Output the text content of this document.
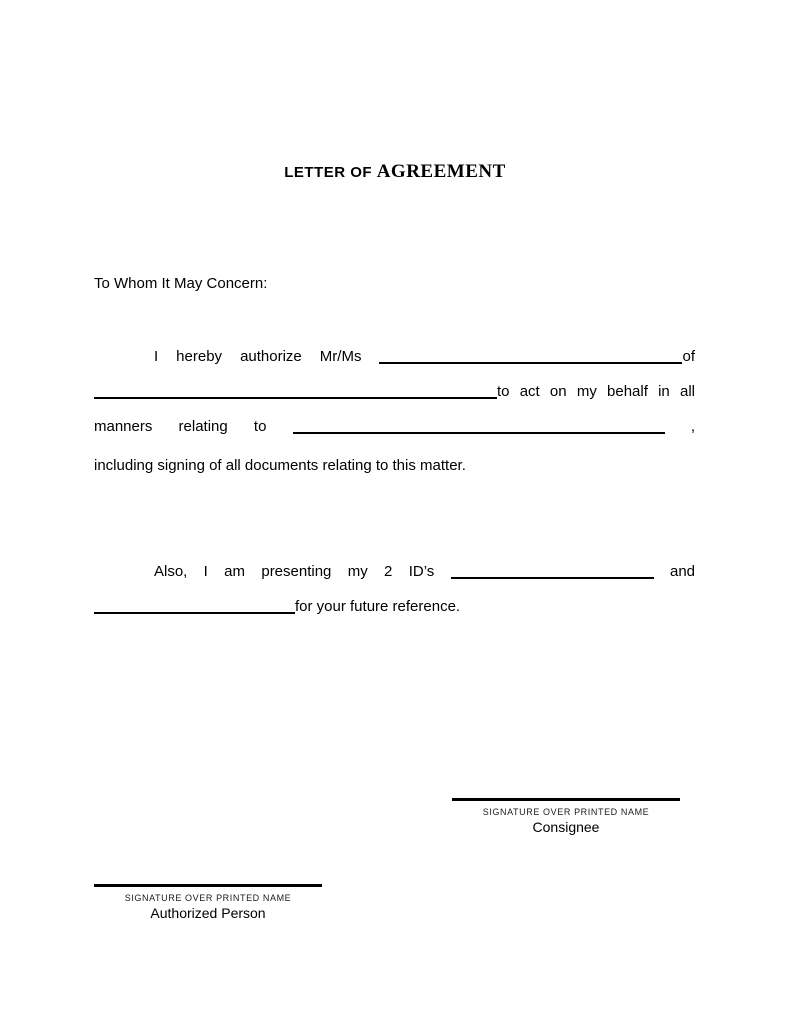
LETTER OF AGREEMENT
To Whom It May Concern:
I hereby authorize Mr/Ms	of
to act on my behalf in all
manners relating to	,
including signing of all documents relating to this matter.
Also, I am presenting my 2 ID’s	and
for your future reference.
SIGNATURE OVER PRINTED NAME
Consignee
SIGNATURE OVER PRINTED NAME
Authorized Person
